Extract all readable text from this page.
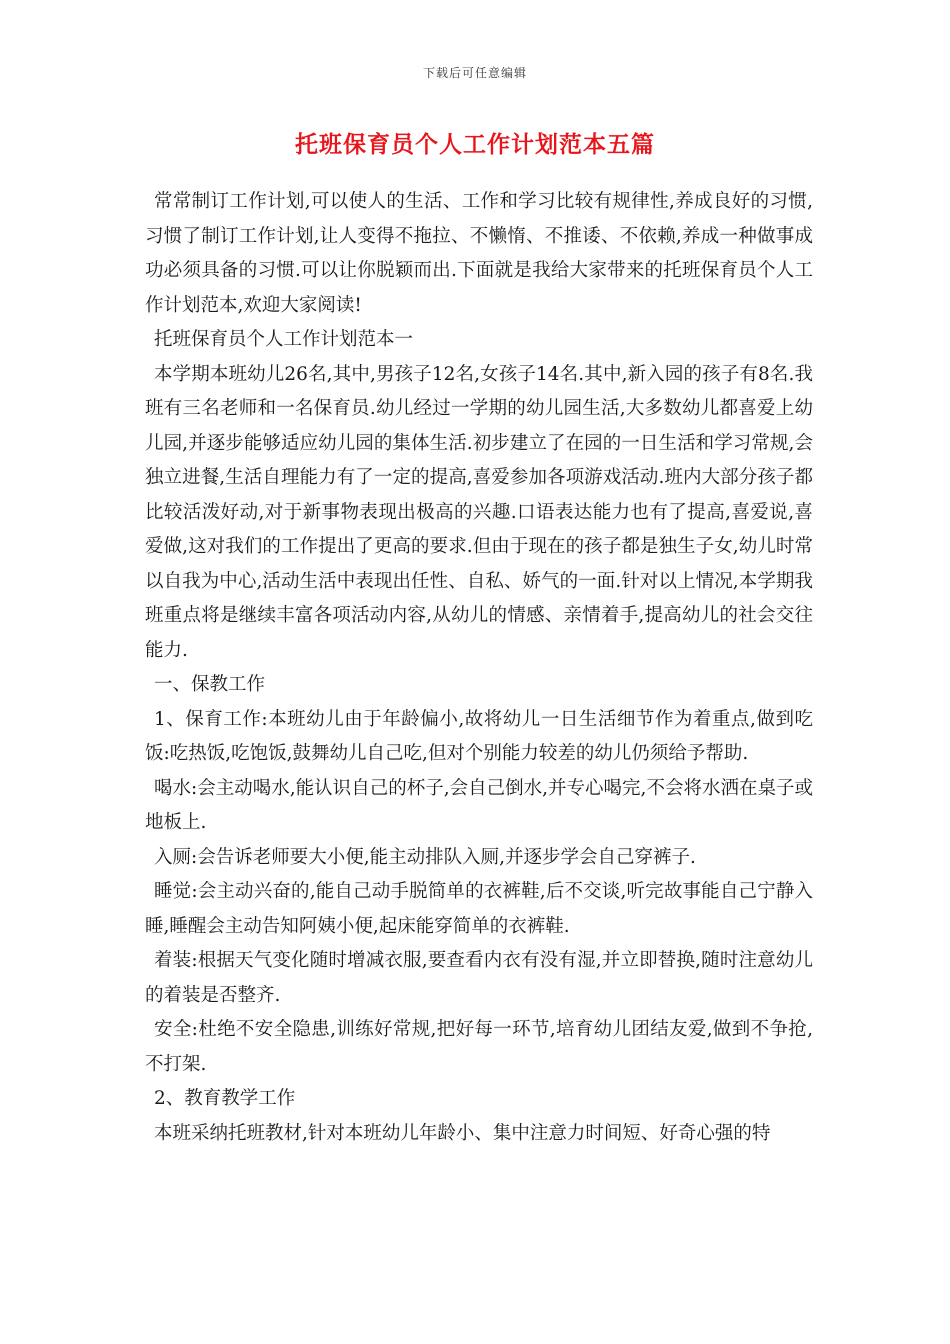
下载后可任意编辑
托班保育员个人工作计划范本五篇

常常制订工作计划,可以使人的生活、工作和学习比较有规律性,养成良好的习惯,习惯了制订工作计划,让人变得不拖拉、不懒惰、不推诿、不依赖,养成一种做事成功必须具备的习惯.可以让你脱颖而出.下面就是我给大家带来的托班保育员个人工作计划范本,欢迎大家阅读!

托班保育员个人工作计划范本一

本学期本班幼儿26名,其中,男孩子12名,女孩子14名.其中,新入园的孩子有8名.我班有三名老师和一名保育员.幼儿经过一学期的幼儿园生活,大多数幼儿都喜爱上幼儿园,并逐步能够适应幼儿园的集体生活.初步建立了在园的一日生活和学习常规,会独立进餐,生活自理能力有了一定的提高,喜爱参加各项游戏活动.班内大部分孩子都比较活泼好动,对于新事物表现出极高的兴趣.口语表达能力也有了提高,喜爱说,喜爱做,这对我们的工作提出了更高的要求.但由于现在的孩子都是独生子女,幼儿时常以自我为中心,活动生活中表现出任性、自私、娇气的一面.针对以上情况,本学期我班重点将是继续丰富各项活动内容,从幼儿的情感、亲情着手,提高幼儿的社会交往能力.

一、保教工作

1、保育工作:本班幼儿由于年龄偏小,故将幼儿一日生活细节作为着重点,做到吃饭:吃热饭,吃饱饭,鼓舞幼儿自己吃,但对个别能力较差的幼儿仍须给予帮助.

喝水:会主动喝水,能认识自己的杯子,会自己倒水,并专心喝完,不会将水洒在桌子或地板上.

入厕:会告诉老师要大小便,能主动排队入厕,并逐步学会自己穿裤子.

睡觉:会主动兴奋的,能自己动手脱简单的衣裤鞋,后不交谈,听完故事能自己宁静入睡,睡醒会主动告知阿姨小便,起床能穿简单的衣裤鞋.

着装:根据天气变化随时增减衣服,要查看内衣有没有湿,并立即替换,随时注意幼儿的着装是否整齐.

安全:杜绝不安全隐患,训练好常规,把好每一环节,培育幼儿团结友爱,做到不争抢,不打架.

2、教育教学工作

本班采纳托班教材,针对本班幼儿年龄小、集中注意力时间短、好奇心强的特
